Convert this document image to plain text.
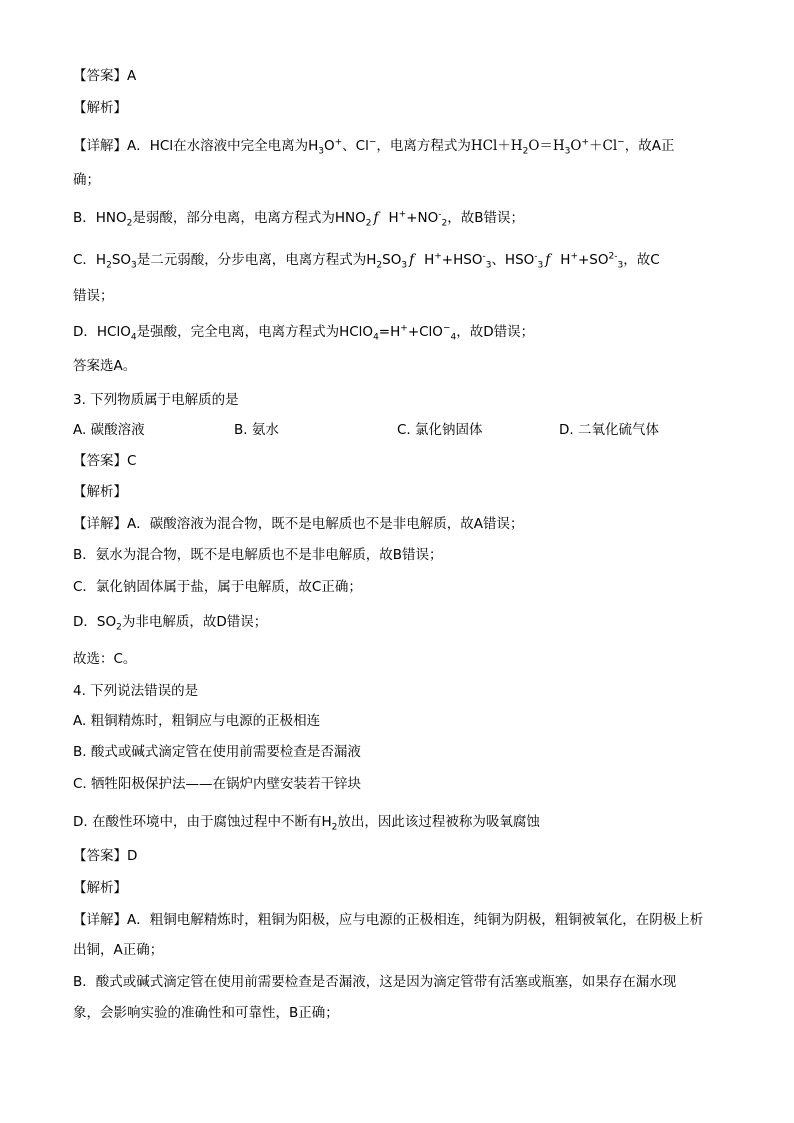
【答案】A
【解析】
【详解】A．HCl在水溶液中完全电离为$H_3O^+$、Cl−，电离方程式为$HCl+H_2O=H_3O^++Cl^-$，故A正
确；
B．$HNO_2$是弱酸，部分电离，电离方程式为$HNO_2$ f $H^++NO^-_2$，故B错误；
C．$H_2SO_3$是二元弱酸，分步电离，电离方程式为$H_2SO_3$ f $H^++HSO^-_3$、$HSO^-_3$ f $H^++SO^{2-}_3$，故C
错误；
D．HClO$_4$是强酸，完全电离，电离方程式为HClO$_4$=H++ClO−$_4$，故D错误；
答案选A。
3. 下列物质属于电解质的是
A. 碳酸溶液	B. 氨水	C. 氯化钠固体	D. 二氧化硫气体
【答案】C
【解析】
【详解】A．碳酸溶液为混合物，既不是电解质也不是非电解质，故A错误；
B．氨水为混合物，既不是电解质也不是非电解质，故B错误；
C．氯化钠固体属于盐，属于电解质，故C正确；
D．$SO_2$为非电解质，故D错误；
故选：C。
4. 下列说法错误的是
A. 粗铜精炼时，粗铜应与电源的正极相连
B. 酸式或碱式滴定管在使用前需要检查是否漏液
C. 牺牲阳极保护法——在锅炉内壁安装若干锌块
D. 在酸性环境中，由于腐蚀过程中不断有$H_2$放出，因此该过程被称为吸氧腐蚀
【答案】D
【解析】
【详解】A．粗铜电解精炼时，粗铜为阳极，应与电源的正极相连，纯铜为阴极，粗铜被氧化，在阴极上析
出铜，A正确；
B．酸式或碱式滴定管在使用前需要检查是否漏液，这是因为滴定管带有活塞或瓶塞，如果存在漏水现
象，会影响实验的准确性和可靠性，B正确；
